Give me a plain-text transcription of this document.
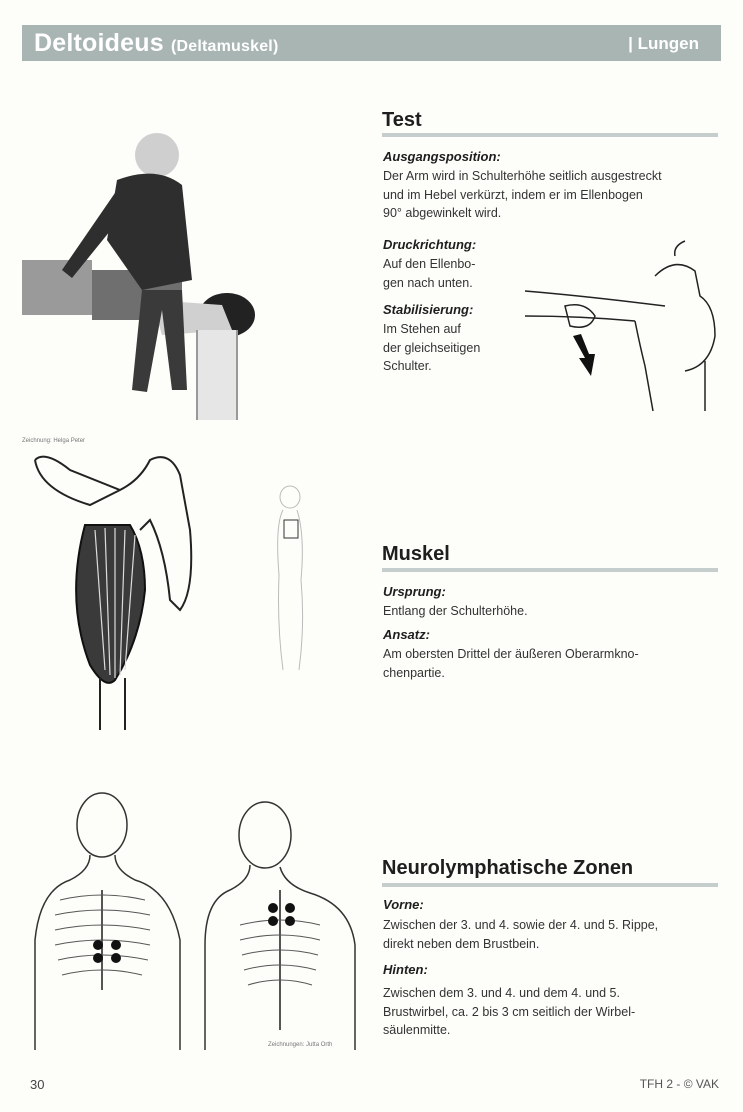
Deltoideus (Deltamuskel)	| Lungen
Zeichnung: Helga Peter
Test
Ausgangsposition:
Der Arm wird in Schulterhöhe seitlich ausgestreckt
und im Hebel verkürzt, indem er im Ellenbogen
90° abgewinkelt wird.
Druckrichtung:
Auf den Ellenbo-
gen nach unten.
Stabilisierung:
Im Stehen auf
der gleichseitigen
Schulter.
Muskel
Ursprung:
Entlang der Schulterhöhe.
Ansatz:
Am obersten Drittel der äußeren Oberarmkno-
chenpartie.
Zeichnungen: Jutta Orth
Neurolymphatische Zonen
Vorne:
Zwischen der 3. und 4. sowie der 4. und 5. Rippe,
direkt neben dem Brustbein.
Hinten:
Zwischen dem 3. und 4. und dem 4. und 5.
Brustwirbel, ca. 2 bis 3 cm seitlich der Wirbel-
säulenmitte.
30	TFH 2 - © VAK
